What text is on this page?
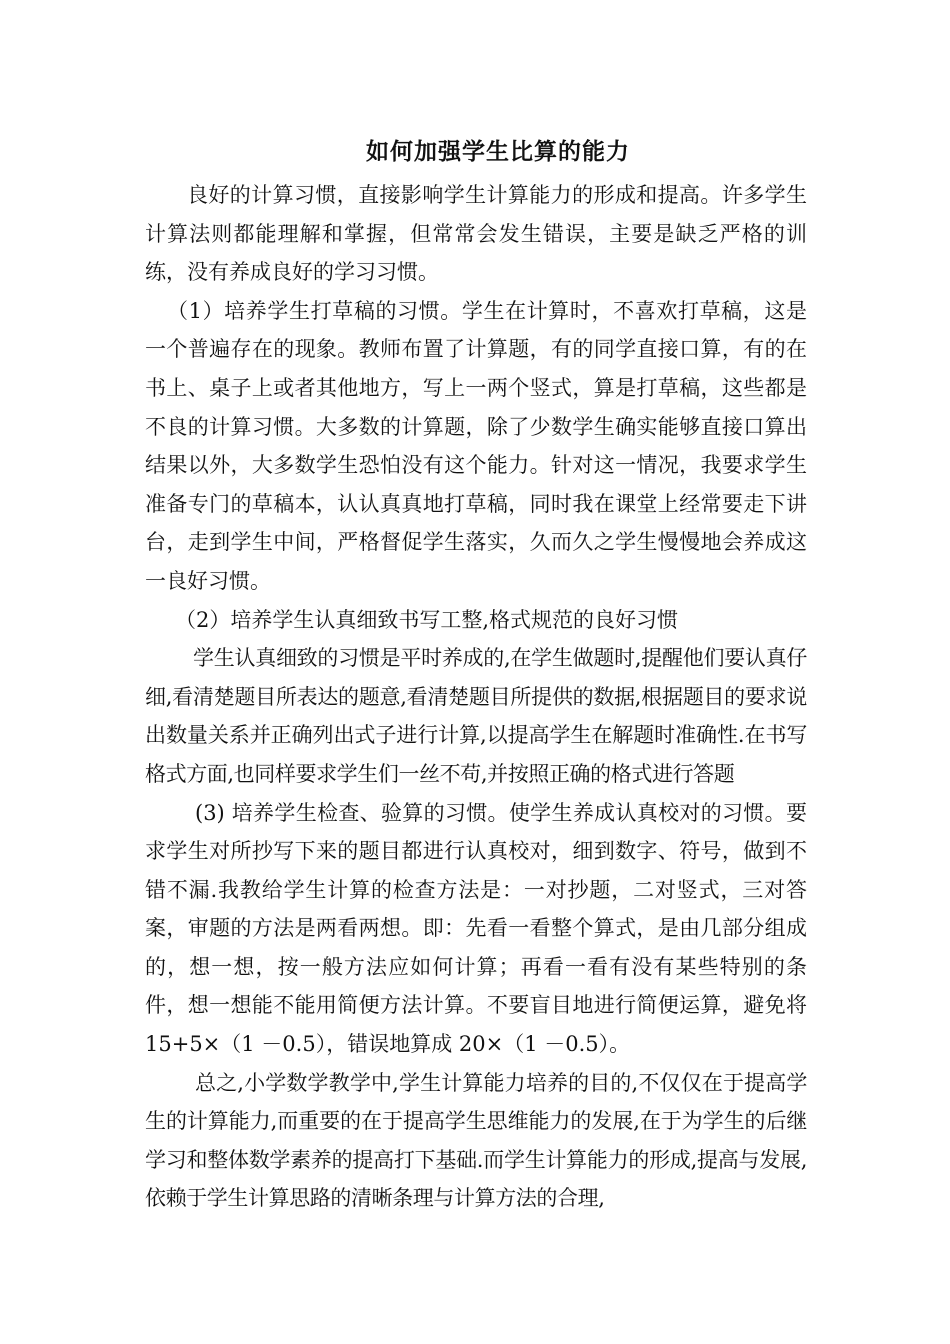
如何加强学生比算的能力

良好的计算习惯，直接影响学生计算能力的形成和提高。许多学生计算法则都能理解和掌握，但常常会发生错误，主要是缺乏严格的训练，没有养成良好的学习习惯。

（1）培养学生打草稿的习惯。学生在计算时，不喜欢打草稿，这是一个普遍存在的现象。教师布置了计算题，有的同学直接口算，有的在书上、桌子上或者其他地方，写上一两个竖式，算是打草稿，这些都是不良的计算习惯。大多数的计算题，除了少数学生确实能够直接口算出结果以外，大多数学生恐怕没有这个能力。针对这一情况，我要求学生准备专门的草稿本，认认真真地打草稿，同时我在课堂上经常要走下讲台，走到学生中间，严格督促学生落实，久而久之学生慢慢地会养成这一良好习惯。

（2）培养学生认真细致书写工整,格式规范的良好习惯

学生认真细致的习惯是平时养成的,在学生做题时,提醒他们要认真仔细,看清楚题目所表达的题意,看清楚题目所提供的数据,根据题目的要求说出数量关系并正确列出式子进行计算,以提高学生在解题时准确性.在书写格式方面,也同样要求学生们一丝不苟,并按照正确的格式进行答题

(3) 培养学生检查、验算的习惯。使学生养成认真校对的习惯。要求学生对所抄写下来的题目都进行认真校对，细到数字、符号，做到不错不漏.我教给学生计算的检查方法是：一对抄题，二对竖式，三对答案，审题的方法是两看两想。即：先看一看整个算式，是由几部分组成的，想一想，按一般方法应如何计算；再看一看有没有某些特别的条件，想一想能不能用简便方法计算。不要盲目地进行简便运算，避免将 15+5×（1 －0.5），错误地算成 20×（1 －0.5）。

总之,小学数学教学中,学生计算能力培养的目的,不仅仅在于提高学生的计算能力,而重要的在于提高学生思维能力的发展,在于为学生的后继学习和整体数学素养的提高打下基础.而学生计算能力的形成,提高与发展,依赖于学生计算思路的清晰条理与计算方法的合理,
